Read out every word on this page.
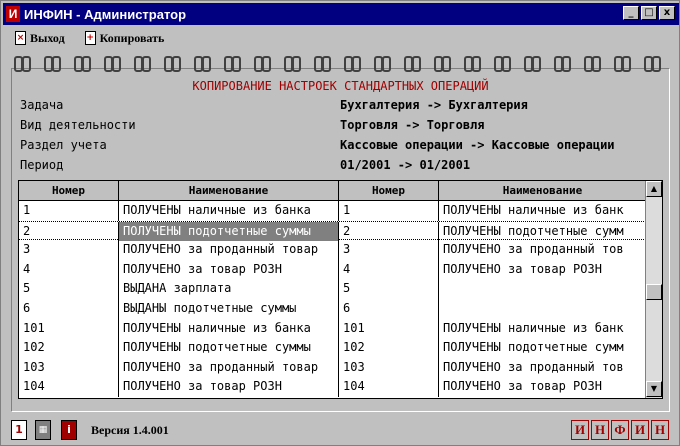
И ИНФИН - Администратор	_	□	x
× Выход + Копировать
КОПИРОВАНИЕ НАСТРОЕК СТАНДАРТНЫХ ОПЕРАЦИЙ
Задача	Бухгалтерия -> Бухгалтерия
Вид деятельности	Торговля -> Торговля
Раздел учета	Кассовые операции -> Кассовые операции
Период	01/2001 -> 01/2001
Номер	Наименование	Номер	Наименование
1	ПОЛУЧЕНЫ наличные из банка	1	ПОЛУЧЕНЫ наличные из банк
2	ПОЛУЧЕНЫ подотчетные суммы	2	ПОЛУЧЕНЫ подотчетные сумм
3	ПОЛУЧЕНО за проданный товар	3	ПОЛУЧЕНО за проданный тов
4	ПОЛУЧЕНО за товар РОЗН	4	ПОЛУЧЕНО за товар РОЗН
5	ВЫДАНА зарплата	5
6	ВЫДАНЫ подотчетные суммы	6
101	ПОЛУЧЕНЫ наличные из банка	101	ПОЛУЧЕНЫ наличные из банк
102	ПОЛУЧЕНЫ подотчетные суммы	102	ПОЛУЧЕНЫ подотчетные сумм
103	ПОЛУЧЕНО за проданный товар	103	ПОЛУЧЕНО за проданный тов
104	ПОЛУЧЕНО за товар РОЗН	104	ПОЛУЧЕНО за товар РОЗН
▲
▼
1	▦	i	Версия 1.4.001	И Н Ф И Н
